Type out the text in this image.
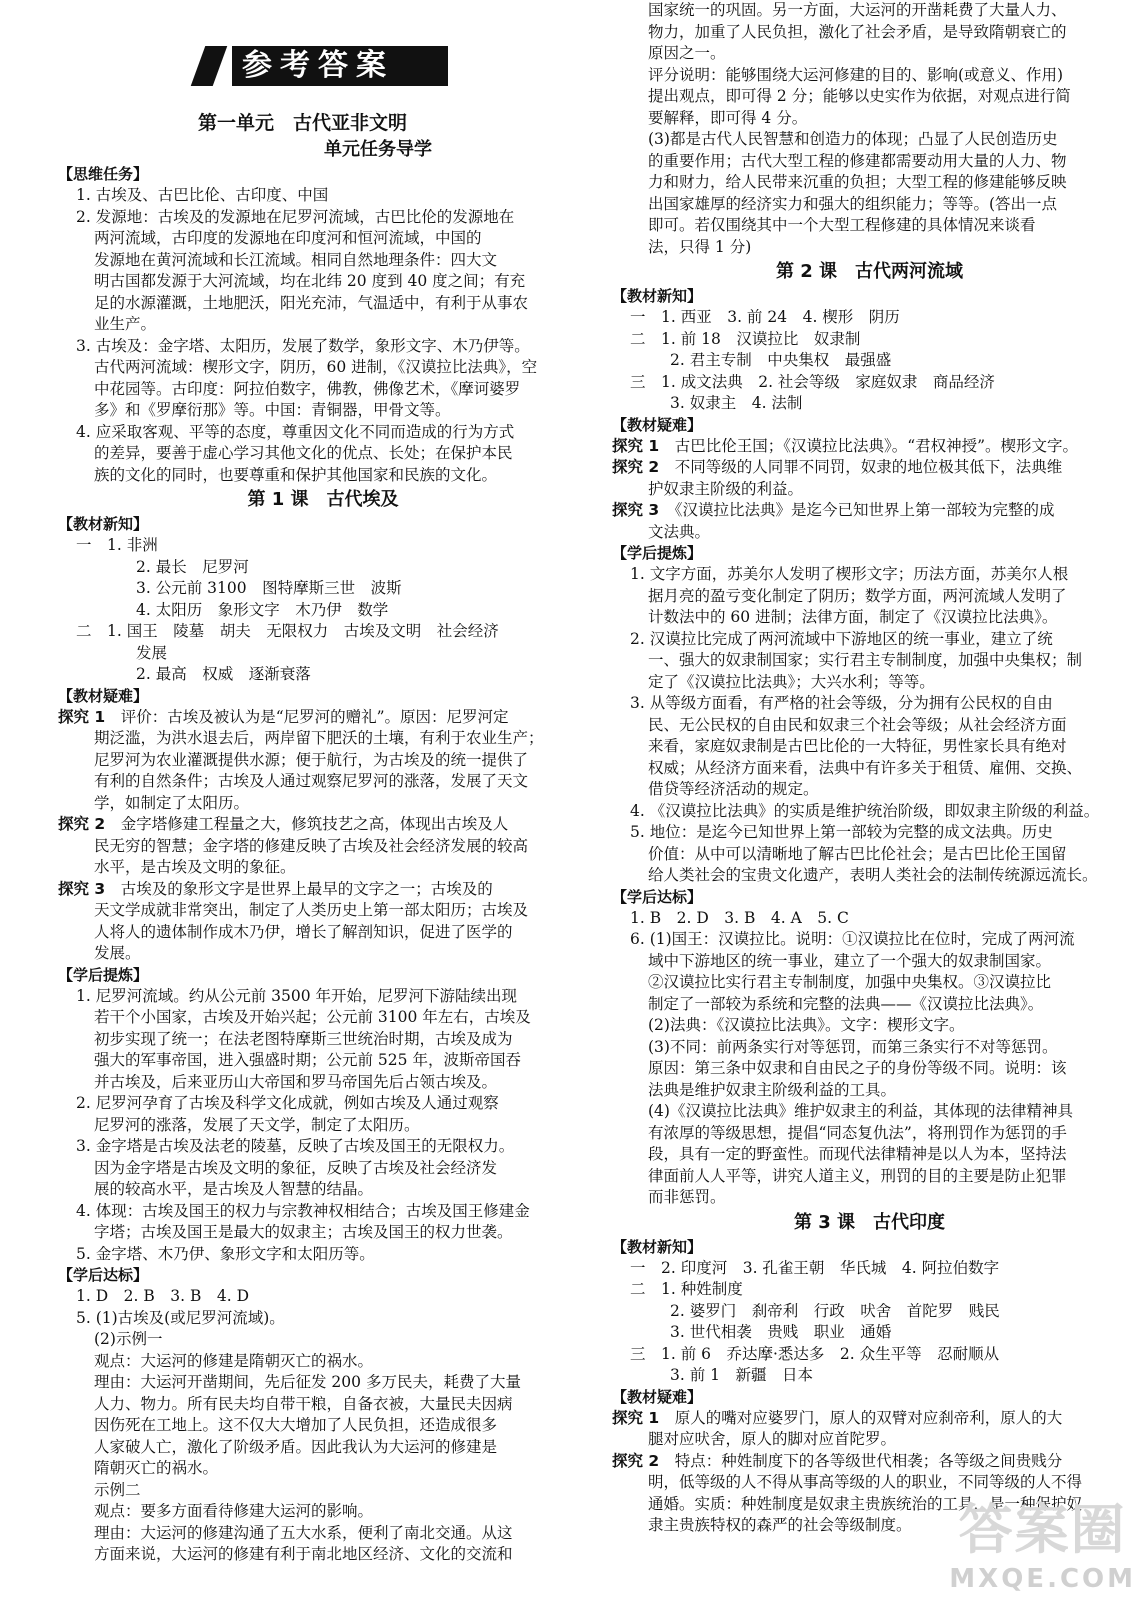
参考答案
第一单元　古代亚非文明
单元任务导学
【思维任务】
1. 古埃及、古巴比伦、古印度、中国
2. 发源地：古埃及的发源地在尼罗河流域，古巴比伦的发源地在
两河流域，古印度的发源地在印度河和恒河流域，中国的
发源地在黄河流域和长江流域。相同自然地理条件：四大文
明古国都发源于大河流域，均在北纬 20 度到 40 度之间；有充
足的水源灌溉，土地肥沃，阳光充沛，气温适中，有利于从事农
业生产。
3. 古埃及：金字塔、太阳历，发展了数学，象形文字、木乃伊等。
古代两河流域：楔形文字，阴历，60 进制，《汉谟拉比法典》，空
中花园等。古印度：阿拉伯数字，佛教，佛像艺术，《摩诃婆罗
多》和《罗摩衍那》等。中国：青铜器，甲骨文等。
4. 应采取客观、平等的态度，尊重因文化不同而造成的行为方式
的差异，要善于虚心学习其他文化的优点、长处；在保护本民
族的文化的同时，也要尊重和保护其他国家和民族的文化。
第 1 课　古代埃及
【教材新知】
一　1. 非洲
2. 最长　尼罗河
3. 公元前 3100　图特摩斯三世　波斯
4. 太阳历　象形文字　木乃伊　数学
二　1. 国王　陵墓　胡夫　无限权力　古埃及文明　社会经济
发展
2. 最高　权威　逐渐衰落
【教材疑难】
探究 1　评价：古埃及被认为是“尼罗河的赠礼”。原因：尼罗河定
期泛滥，为洪水退去后，两岸留下肥沃的土壤，有利于农业生产；
尼罗河为农业灌溉提供水源；便于航行，为古埃及的统一提供了
有利的自然条件；古埃及人通过观察尼罗河的涨落，发展了天文
学，如制定了太阳历。
探究 2　金字塔修建工程量之大，修筑技艺之高，体现出古埃及人
民无穷的智慧；金字塔的修建反映了古埃及社会经济发展的较高
水平，是古埃及文明的象征。
探究 3　古埃及的象形文字是世界上最早的文字之一；古埃及的
天文学成就非常突出，制定了人类历史上第一部太阳历；古埃及
人将人的遗体制作成木乃伊，增长了解剖知识，促进了医学的
发展。
【学后提炼】
1. 尼罗河流域。约从公元前 3500 年开始，尼罗河下游陆续出现
若干个小国家，古埃及开始兴起；公元前 3100 年左右，古埃及
初步实现了统一；在法老图特摩斯三世统治时期，古埃及成为
强大的军事帝国，进入强盛时期；公元前 525 年，波斯帝国吞
并古埃及，后来亚历山大帝国和罗马帝国先后占领古埃及。
2. 尼罗河孕育了古埃及科学文化成就，例如古埃及人通过观察
尼罗河的涨落，发展了天文学，制定了太阳历。
3. 金字塔是古埃及法老的陵墓，反映了古埃及国王的无限权力。
因为金字塔是古埃及文明的象征，反映了古埃及社会经济发
展的较高水平，是古埃及人智慧的结晶。
4. 体现：古埃及国王的权力与宗教神权相结合；古埃及国王修建金
字塔；古埃及国王是最大的奴隶主；古埃及国王的权力世袭。
5. 金字塔、木乃伊、象形文字和太阳历等。
【学后达标】
1. D　2. B　3. B　4. D
5. (1)古埃及(或尼罗河流域)。
(2)示例一
观点：大运河的修建是隋朝灭亡的祸水。
理由：大运河开凿期间，先后征发 200 多万民夫，耗费了大量
人力、物力。所有民夫均自带干粮，自备衣被，大量民夫因病
因伤死在工地上。这不仅大大增加了人民负担，还造成很多
人家破人亡，激化了阶级矛盾。因此我认为大运河的修建是
隋朝灭亡的祸水。
示例二
观点：要多方面看待修建大运河的影响。
理由：大运河的修建沟通了五大水系，便利了南北交通。从这
方面来说，大运河的修建有利于南北地区经济、文化的交流和
国家统一的巩固。另一方面，大运河的开凿耗费了大量人力、
物力，加重了人民负担，激化了社会矛盾，是导致隋朝衰亡的
原因之一。
评分说明：能够围绕大运河修建的目的、影响(或意义、作用)
提出观点，即可得 2 分；能够以史实作为依据，对观点进行简
要解释，即可得 4 分。
(3)都是古代人民智慧和创造力的体现；凸显了人民创造历史
的重要作用；古代大型工程的修建都需要动用大量的人力、物
力和财力，给人民带来沉重的负担；大型工程的修建能够反映
出国家雄厚的经济实力和强大的组织能力；等等。(答出一点
即可。若仅围绕其中一个大型工程修建的具体情况来谈看
法，只得 1 分)
第 2 课　古代两河流域
【教材新知】
一　1. 西亚　3. 前 24　4. 楔形　阴历
二　1. 前 18　汉谟拉比　奴隶制
2. 君主专制　中央集权　最强盛
三　1. 成文法典　2. 社会等级　家庭奴隶　商品经济
3. 奴隶主　4. 法制
【教材疑难】
探究 1　古巴比伦王国；《汉谟拉比法典》。“君权神授”。楔形文字。
探究 2　不同等级的人同罪不同罚，奴隶的地位极其低下，法典维
护奴隶主阶级的利益。
探究 3　《汉谟拉比法典》是迄今已知世界上第一部较为完整的成
文法典。
【学后提炼】
1. 文字方面，苏美尔人发明了楔形文字；历法方面，苏美尔人根
据月亮的盈亏变化制定了阴历；数学方面，两河流域人发明了
计数法中的 60 进制；法律方面，制定了《汉谟拉比法典》。
2. 汉谟拉比完成了两河流域中下游地区的统一事业，建立了统
一、强大的奴隶制国家；实行君主专制制度，加强中央集权；制
定了《汉谟拉比法典》；大兴水利；等等。
3. 从等级方面看，有严格的社会等级，分为拥有公民权的自由
民、无公民权的自由民和奴隶三个社会等级；从社会经济方面
来看，家庭奴隶制是古巴比伦的一大特征，男性家长具有绝对
权威；从经济方面来看，法典中有许多关于租赁、雇佣、交换、
借贷等经济活动的规定。
4. 《汉谟拉比法典》的实质是维护统治阶级，即奴隶主阶级的利益。
5. 地位：是迄今已知世界上第一部较为完整的成文法典。历史
价值：从中可以清晰地了解古巴比伦社会；是古巴比伦王国留
给人类社会的宝贵文化遗产，表明人类社会的法制传统源远流长。
【学后达标】
1. B　2. D　3. B　4. A　5. C
6. (1)国王：汉谟拉比。说明：①汉谟拉比在位时，完成了两河流
域中下游地区的统一事业，建立了一个强大的奴隶制国家。
②汉谟拉比实行君主专制制度，加强中央集权。③汉谟拉比
制定了一部较为系统和完整的法典——《汉谟拉比法典》。
(2)法典：《汉谟拉比法典》。文字：楔形文字。
(3)不同：前两条实行对等惩罚，而第三条实行不对等惩罚。
原因：第三条中奴隶和自由民之子的身份等级不同。说明：该
法典是维护奴隶主阶级利益的工具。
(4)《汉谟拉比法典》维护奴隶主的利益，其体现的法律精神具
有浓厚的等级思想，提倡“同态复仇法”，将刑罚作为惩罚的手
段，具有一定的野蛮性。而现代法律精神是以人为本，坚持法
律面前人人平等，讲究人道主义，刑罚的目的主要是防止犯罪
而非惩罚。
第 3 课　古代印度
【教材新知】
一　2. 印度河　3. 孔雀王朝　华氏城　4. 阿拉伯数字
二　1. 种姓制度
2. 婆罗门　刹帝利　行政　吠舍　首陀罗　贱民
3. 世代相袭　贵贱　职业　通婚
三　1. 前 6　乔达摩·悉达多　2. 众生平等　忍耐顺从
3. 前 1　新疆　日本
【教材疑难】
探究 1　原人的嘴对应婆罗门，原人的双臂对应刹帝利，原人的大
腿对应吠舍，原人的脚对应首陀罗。
探究 2　特点：种姓制度下的各等级世代相袭；各等级之间贵贱分
明，低等级的人不得从事高等级的人的职业，不同等级的人不得
通婚。实质：种姓制度是奴隶主贵族统治的工具，是一种保护奴
隶主贵族特权的森严的社会等级制度。 答案圈
MXQE.COM
